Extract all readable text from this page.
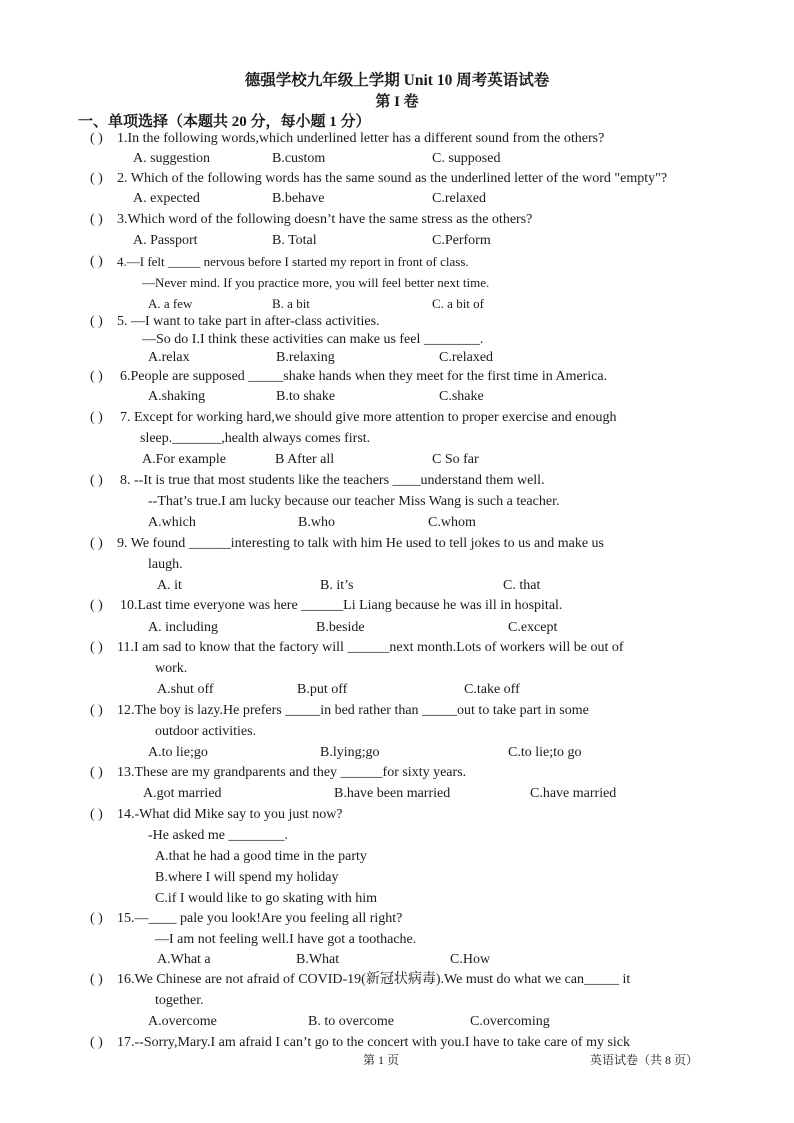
德强学校九年级上学期 Unit 10 周考英语试卷
第 I 卷
一、单项选择（本题共 20 分，每小题 1 分）
( ) 1.In the following words,which underlined letter has a different sound from the others?
A. suggestion	B.custom	C. supposed
( ) 2. Which of the following words has the same sound as the underlined letter of the word "empty"?
A. expected	B.behave	C.relaxed
( ) 3.Which word of the following doesn’t have the same stress as the others?
A. Passport	B. Total	C.Perform
( ) 4.—I felt _____ nervous before I started my report in front of class.
—Never mind. If you practice more, you will feel better next time.
A. a few	B. a bit	C. a bit of
( ) 5. —I want to take part in after-class activities.
—So do I.I think these activities can make us feel ________.
A.relax	B.relaxing	C.relaxed
( ) 6.People are supposed _____shake hands when they meet for the first time in America.
A.shaking	B.to shake	C.shake
( ) 7. Except for working hard,we should give more attention to proper exercise and enough
sleep._______,health always comes first.
A.For example	B After all	C So far
( ) 8. --It is true that most students like the teachers ____understand them well.
--That’s true.I am lucky because our teacher Miss Wang is such a teacher.
A.which	B.who	C.whom
( ) 9. We found ______interesting to talk with him He used to tell jokes to us and make us
laugh.
A. it	B. it’s	C. that
( ) 10.Last time everyone was here ______Li Liang because he was ill in hospital.
A. including	B.beside	C.except
( ) 11.I am sad to know that the factory will ______next month.Lots of workers will be out of
work.
A.shut off	B.put off	C.take off
( ) 12.The boy is lazy.He prefers _____in bed rather than _____out to take part in some
outdoor activities.
A.to lie;go	B.lying;go	C.to lie;to go
( ) 13.These are my grandparents and they ______for sixty years.
A.got married	B.have been married	C.have married
( ) 14.-What did Mike say to you just now?
-He asked me ________.
A.that he had a good time in the party
B.where I will spend my holiday
C.if I would like to go skating with him
( ) 15.—____ pale you look!Are you feeling all right?
—I am not feeling well.I have got a toothache.
A.What a	B.What	C.How
( ) 16.We Chinese are not afraid of COVID-19(新冠状病毒).We must do what we can_____ it
together.
A.overcome	B. to overcome	C.overcoming
( ) 17.--Sorry,Mary.I am afraid I can’t go to the concert with you.I have to take care of my sick
第 1 页	英语试卷（共 8 页）
